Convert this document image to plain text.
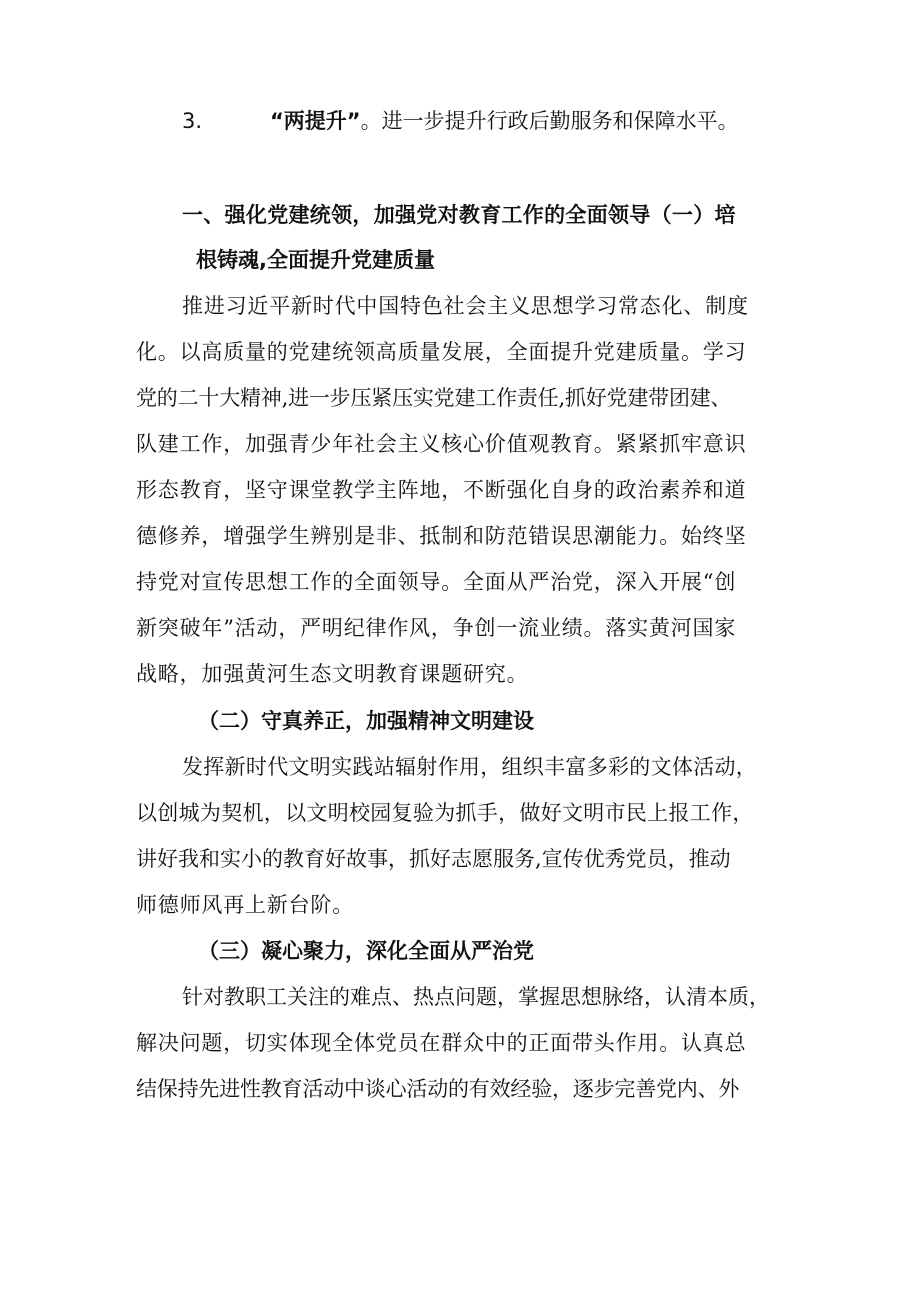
3.	“两提升”。进一步提升行政后勤服务和保障水平。
一、强化党建统领，加强党对教育工作的全面领导（一）培
根铸魂,全面提升党建质量
推进习近平新时代中国特色社会主义思想学习常态化、制度
化。以高质量的党建统领高质量发展，全面提升党建质量。学习
党的二十大精神,进一步压紧压实党建工作责任,抓好党建带团建、
队建工作，加强青少年社会主义核心价值观教育。紧紧抓牢意识
形态教育，坚守课堂教学主阵地，不断强化自身的政治素养和道
德修养，增强学生辨别是非、抵制和防范错误思潮能力。始终坚
持党对宣传思想工作的全面领导。全面从严治党，深入开展“创
新突破年”活动，严明纪律作风，争创一流业绩。落实黄河国家
战略，加强黄河生态文明教育课题研究。
（二）守真养正，加强精神文明建设
发挥新时代文明实践站辐射作用，组织丰富多彩的文体活动，
以创城为契机，以文明校园复验为抓手，做好文明市民上报工作，
讲好我和实小的教育好故事，抓好志愿服务,宣传优秀党员，推动
师德师风再上新台阶。
（三）凝心聚力，深化全面从严治党
针对教职工关注的难点、热点问题，掌握思想脉络，认清本质，
解决问题，切实体现全体党员在群众中的正面带头作用。认真总
结保持先进性教育活动中谈心活动的有效经验，逐步完善党内、外
